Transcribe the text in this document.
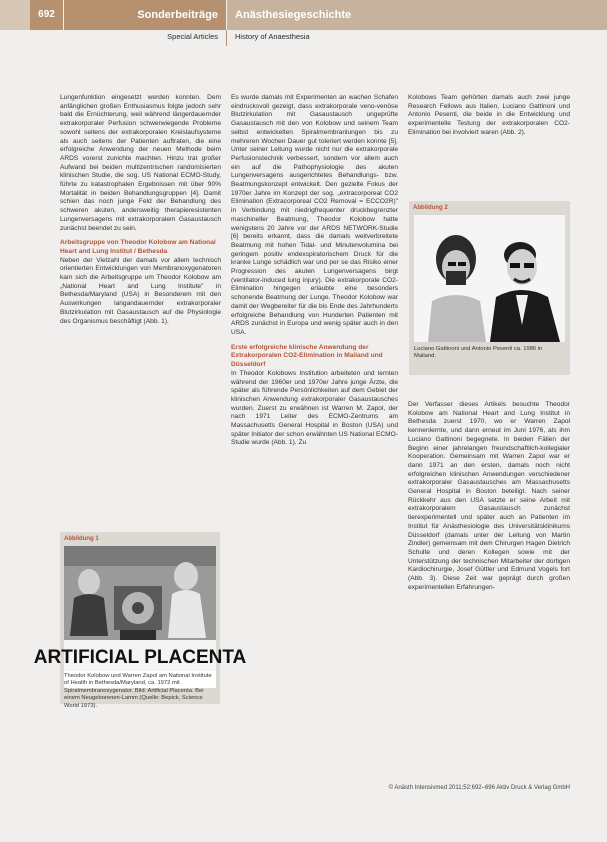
692	Sonderbeiträge	Anästhesiegeschichte
Special Articles	History of Anaesthesia

Lungenfunktion eingesetzt werden konnten. Dem anfänglichen großen Enthusiasmus folgte jedoch sehr bald die Ernüchterung, weil während längerdauernder extrakorporaler Perfusion schwerwiegende Probleme sowohl seitens der extrakorporalen Kreislaufsysteme als auch seitens der Patienten auftraten, die eine erfolgreiche Anwendung der neuen Methode beim ARDS vorerst zunichte machten. Hinzu trat großer Aufwand bei beiden multizentrischen randomisierten klinischen Studie, die sog. US National ECMO-Study, führte zu katastrophalen Ergebnissen mit über 90% Mortalität in beiden Behandlungsgruppen [4]. Damit schien das noch junge Feld der Behandlung des schweren akuten, andersweitig therapieresistenten Lungenversagens mit extrakorporalem Gasaustausch zunächst beendet zu sein.

Arbeitsgruppe von Theodor Kolobow am National Heart and Lung Institut / Bethesda

Neben der Vielzahl der damals vor allem technisch orientierten Entwicklungen von Membranoxygenatoren kam sich die Arbeitsgruppe um Theodor Kolobow am „National Heart and Lung Institute" in Bethesda/Maryland (USA) in Besonderem mit den Auswirkungen langandauernder extrakorporaler Blutzirkulation mit Gasaustausch auf die Physiologie des Organismus beschäftigt (Abb. 1).

Es wurde damals mit Experimenten an wachen Schafen eindrucksvoll gezeigt, dass extrakorporale veno-venöse Blutzirkulation mit Gasaustausch ungeprüfte Gasaustausch mit den von Kolobow und seinem Team selbst entwickelten Spiralmembranlungen bis zu mehreren Wochen Dauer gut toleriert werden konnte [5]. Unter seiner Leitung wurde nicht nur die extrakorporale Perfusionstechnik verbessert, sondern vor allem auch ein auf die Pathophysiologie des akuten Lungenversagens ausgerichtetes Behandlungs- bzw. Beatmungskonzept entwickelt. Den gezielte Fokus der 1970er Jahre im Konzept der sog. „extracorporeal CO2 Elimination (Extracorporeal CO2 Removal = ECCO2R)" in Verbindung mit niedrigfrequenter druckbegrenzter maschineller Beatmung, Theodor Kolobow hatte wenigstens 20 Jahre vor der ARDS NETWORK-Studie [6] bereits erkannt, dass die damals weitverbreitete Beatmung mit hohen Tidal- und Minutenvolumina bei geringem positiv endexspiratorischem Druck für die kranke Lunge schädlich war und per se das Risiko einer Progression des akuten Lungenversagens birgt (ventilator-induced lung injury). Die extrakorporale CO2-Elimination hingegen erlaubte eine besonders schonende Beatmung der Lunge. Theodor Kolobow war damit der Wegbereiter für die bis Ende des Jahrhunderts erfolgreiche Behandlung von Hunderten Patienten mit ARDS zunächst in Europa und wenig später auch in den USA.

Erste erfolgreiche klinische Anwendung der Extrakorporalen CO2-Elimination in Mailand und Düsseldorf

In Theodor Kolobows Institution arbeiteten und lernten während der 1960er und 1970er Jahre junge Ärzte, die später als führende Persönlichkeiten auf dem Gebiet der klinischen Anwendung extrakorporaler Gasaustausches wurden. Zuerst zu erwähnen ist Warren M. Zapol, der nach 1971 Leiter des ECMO-Zentrums am Massachusetts General Hospital in Boston (USA) und später Initiator der schon erwähnten US National ECMO-Studie wurde (Abb. 1). Zu

Kolobows Team gehörten damals auch zwei junge Research Fellows aus Italien, Luciano Gattinoni und Antonio Pesenti, die beide in die Entwicklung und experimentelle Testung der extrakorporalen CO2-Elimination bei involviert waren (Abb. 2).

Abbildung 2
Luciano Gattinoni und Antonio Pesenti ca. 1986 in Mailand.

Der Verfasser dieses Artikels besuchte Theodor Kolobow am National Heart and Lung Institut in Bethesda zuerst 1970, wo er Warren Zapol kennenlernte, und dann erneut im Juni 1976, als ihm Luciano Gattinoni begegnete. In beiden Fällen der Beginn einer jahrelangen freundschaftlich-kollegialer Kooperation. Gemeinsam mit Warren Zapol war er dann 1971 an den ersten, damals noch nicht erfolgreichen klinischen Anwendungen verschiedener extrakorporaler Gasaustausches am Massachusetts General Hospital in Boston beteiligt. Nach seiner Rückkehr aus den USA setzte er seine Arbeit mit extrakorporalem Gasaustausch zunächst tierexperimentell und später auch an Patienten im Institut für Anästhesiologie des Universitätsklinikums Düsseldorf (damals unter der Leitung von Martin Zindler) gemeinsam mit dem Chirurgen Hagen Dietrich Schulte und deren Kollegen sowie mit der Unterstützung der technischen Mitarbeiter der dortigen Kardiochirurgie, Josef Güttler und Edmund Vogels fort (Abb. 3). Diese Zeit war geprägt durch großen experimentellen Erfahrungen-

Abbildung 1
ARTIFICIAL PLACENTA
Theodor Kolobow und Warren Zapol am National Institute of Health in Bethesda/Maryland, ca. 1972 mit Spiralmembranoxygenator. Bild: Artificial Placenta. Bei einem Neugeborenen-Lamm (Quelle: Bepick, Science World 1973).
© Anästh Intensivmed 2011;52:692–696 Aktiv Druck & Verlag GmbH
